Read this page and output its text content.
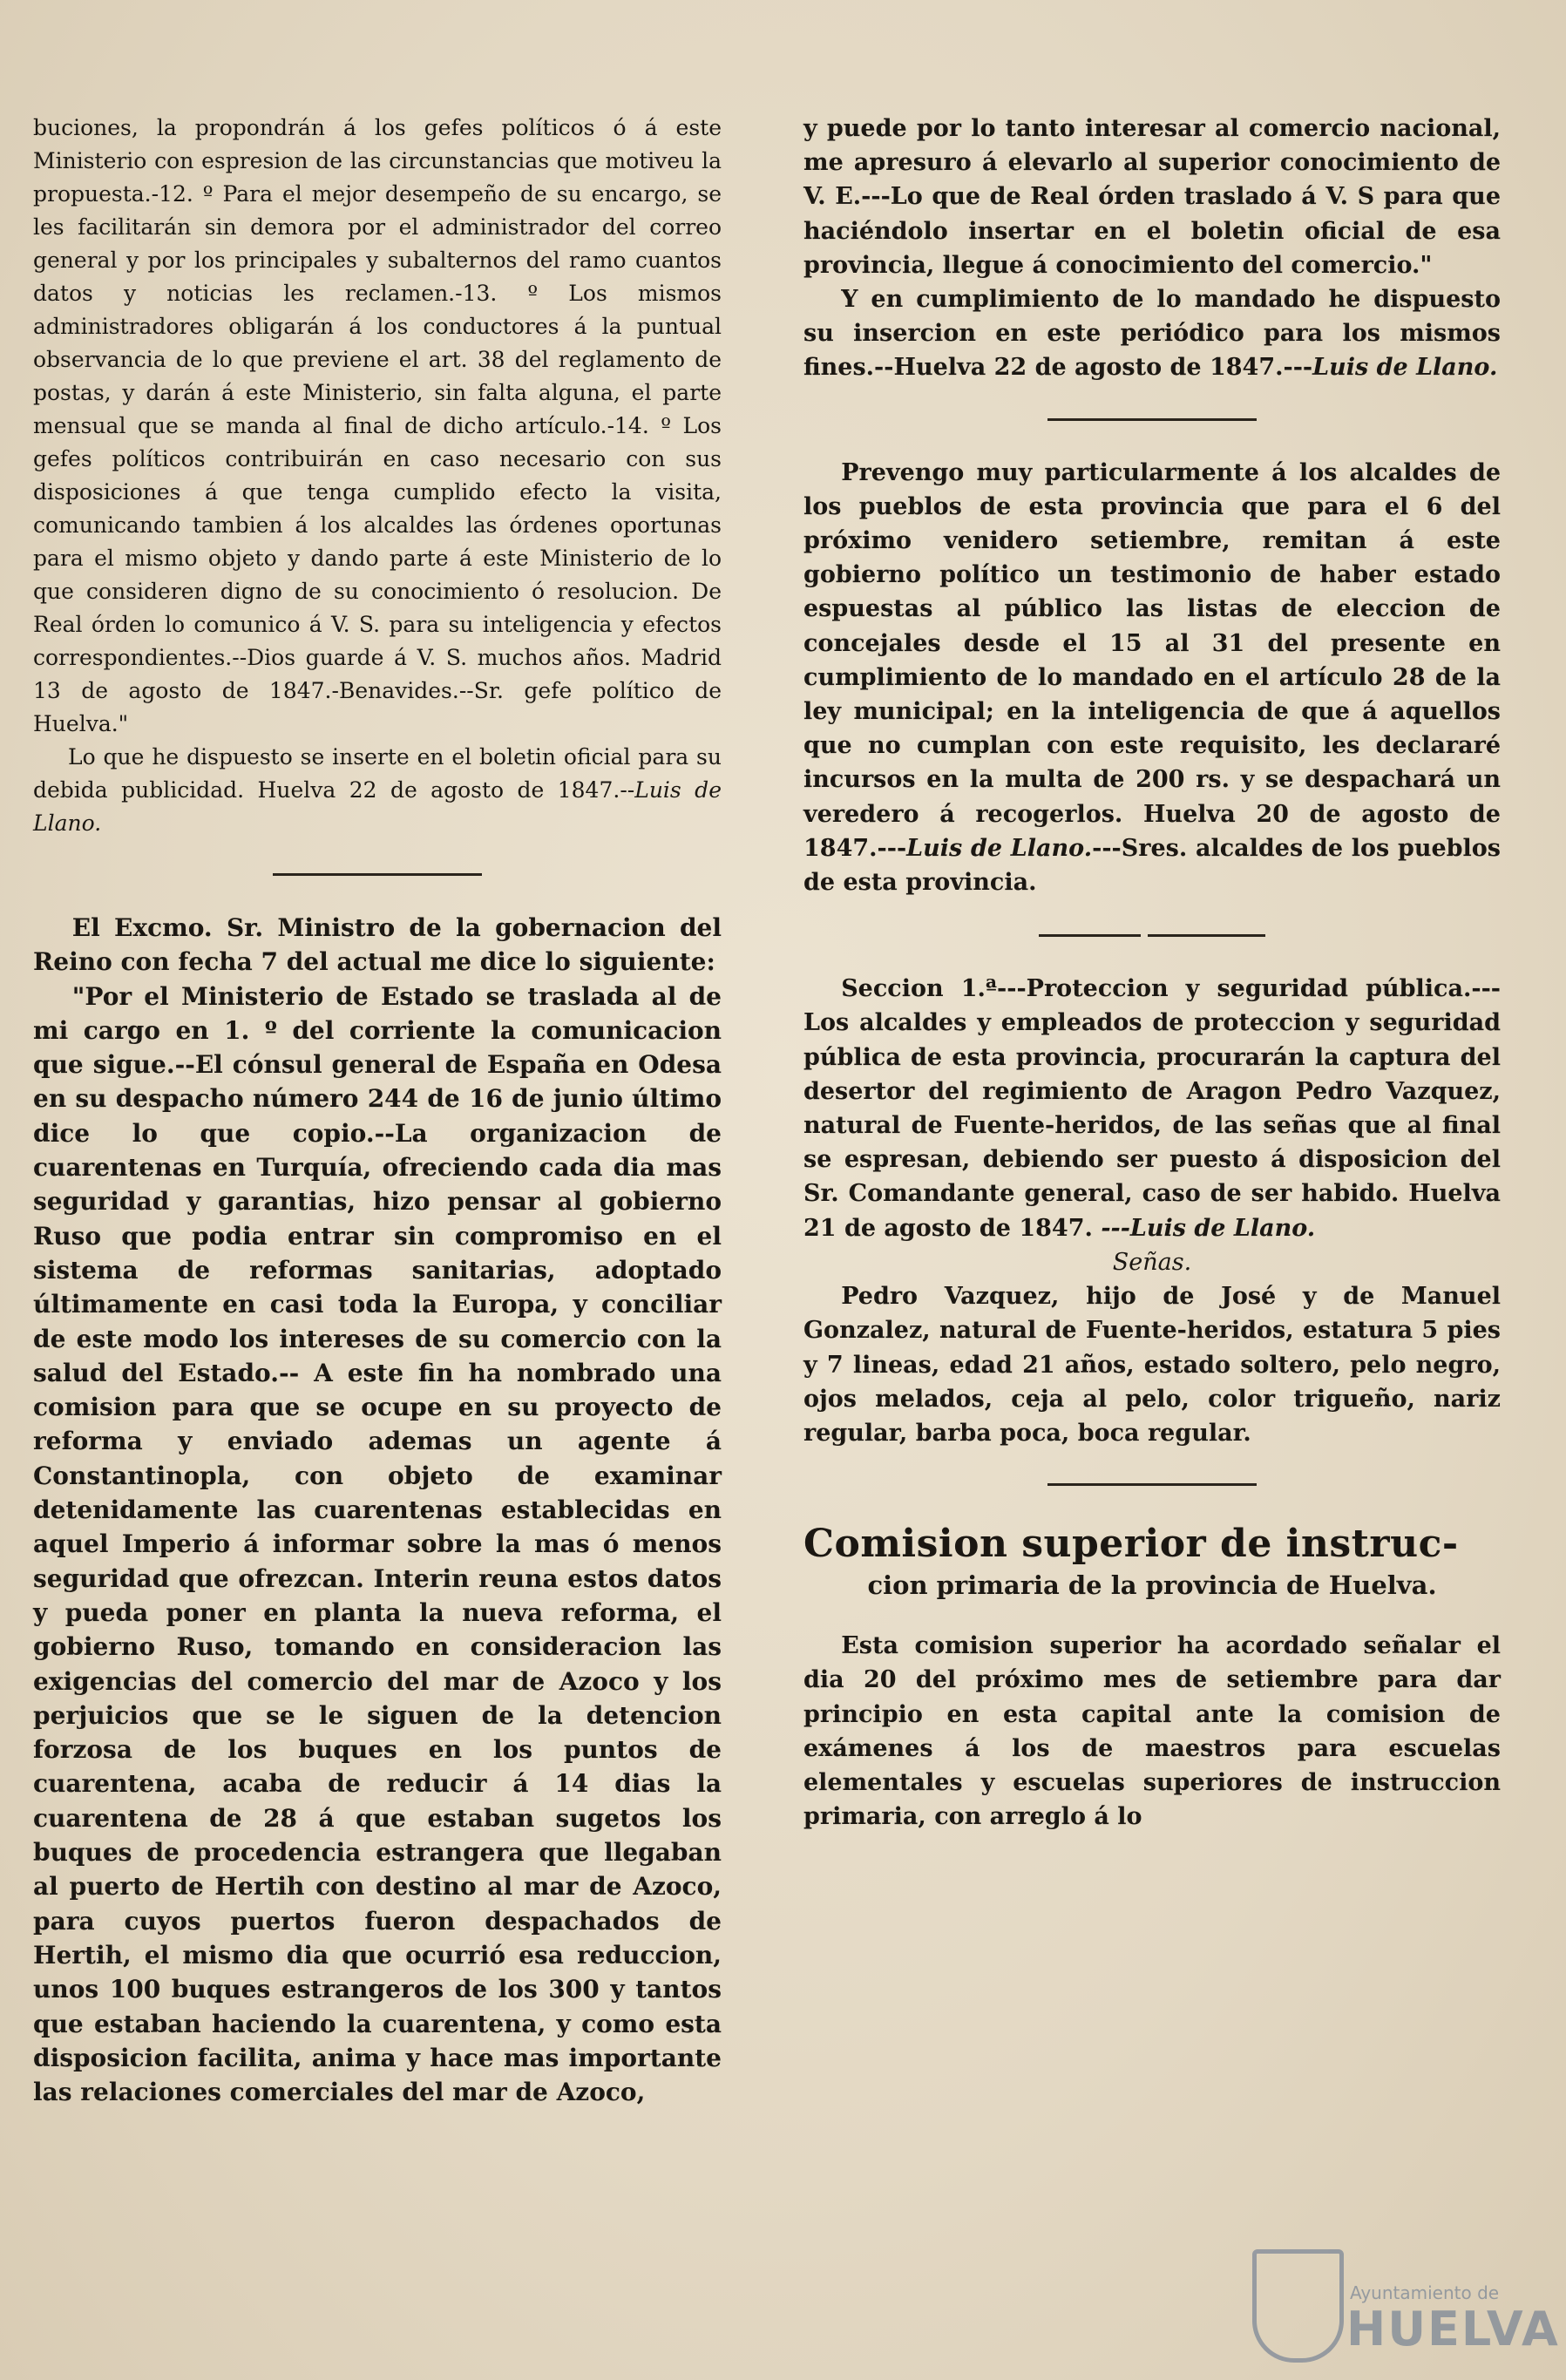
buciones, la propondrán á los gefes políticos ó á este Ministerio con espresion de las circunstancias que motiveu la propuesta.-12. º Para el mejor desempeño de su encargo, se les facilitarán sin demora por el administrador del correo general y por los principales y subalternos del ramo cuantos datos y noticias les reclamen.-13. º Los mismos administradores obligarán á los conductores á la puntual observancia de lo que previene el art. 38 del reglamento de postas, y darán á este Ministerio, sin falta alguna, el parte mensual que se manda al final de dicho artículo.-14. º Los gefes políticos contribuirán en caso necesario con sus disposiciones á que tenga cumplido efecto la visita, comunicando tambien á los alcaldes las órdenes oportunas para el mismo objeto y dando parte á este Ministerio de lo que consideren digno de su conocimiento ó resolucion. De Real órden lo comunico á V. S. para su inteligencia y efectos correspondientes.--Dios guarde á V. S. muchos años. Madrid 13 de agosto de 1847.-Benavides.--Sr. gefe político de Huelva."

Lo que he dispuesto se inserte en el boletin oficial para su debida publicidad. Huelva 22 de agosto de 1847.--Luis de Llano.

El Excmo. Sr. Ministro de la gobernacion del Reino con fecha 7 del actual me dice lo siguiente:

"Por el Ministerio de Estado se traslada al de mi cargo en 1. º del corriente la comunicacion que sigue.--El cónsul general de España en Odesa en su despacho número 244 de 16 de junio último dice lo que copio.--La organizacion de cuarentenas en Turquía, ofreciendo cada dia mas seguridad y garantias, hizo pensar al gobierno Ruso que podia entrar sin compromiso en el sistema de reformas sanitarias, adoptado últimamente en casi toda la Europa, y conciliar de este modo los intereses de su comercio con la salud del Estado.-- A este fin ha nombrado una comision para que se ocupe en su proyecto de reforma y enviado ademas un agente á Constantinopla, con objeto de examinar detenidamente las cuarentenas establecidas en aquel Imperio á informar sobre la mas ó menos seguridad que ofrezcan. Interin reuna estos datos y pueda poner en planta la nueva reforma, el gobierno Ruso, tomando en consideracion las exigencias del comercio del mar de Azoco y los perjuicios que se le siguen de la detencion forzosa de los buques en los puntos de cuarentena, acaba de reducir á 14 dias la cuarentena de 28 á que estaban sugetos los buques de procedencia estrangera que llegaban al puerto de Hertih con destino al mar de Azoco, para cuyos puertos fueron despachados de Hertih, el mismo dia que ocurrió esa reduccion, unos 100 buques estrangeros de los 300 y tantos que estaban haciendo la cuarentena, y como esta disposicion facilita, anima y hace mas importante las relaciones comerciales del mar de Azoco,

y puede por lo tanto interesar al comercio nacional, me apresuro á elevarlo al superior conocimiento de V. E.---Lo que de Real órden traslado á V. S para que haciéndolo insertar en el boletin oficial de esa provincia, llegue á conocimiento del comercio."

Y en cumplimiento de lo mandado he dispuesto su insercion en este periódico para los mismos fines.--Huelva 22 de agosto de 1847.---Luis de Llano.

Prevengo muy particularmente á los alcaldes de los pueblos de esta provincia que para el 6 del próximo venidero setiembre, remitan á este gobierno político un testimonio de haber estado espuestas al público las listas de eleccion de concejales desde el 15 al 31 del presente en cumplimiento de lo mandado en el artículo 28 de la ley municipal; en la inteligencia de que á aquellos que no cumplan con este requisito, les declararé incursos en la multa de 200 rs. y se despachará un veredero á recogerlos. Huelva 20 de agosto de 1847.---Luis de Llano.---Sres. alcaldes de los pueblos de esta provincia.

Seccion 1.ª---Proteccion y seguridad pública.---Los alcaldes y empleados de proteccion y seguridad pública de esta provincia, procurarán la captura del desertor del regimiento de Aragon Pedro Vazquez, natural de Fuente-heridos, de las señas que al final se espresan, debiendo ser puesto á disposicion del Sr. Comandante general, caso de ser habido. Huelva 21 de agosto de 1847. ---Luis de Llano.

Señas.

Pedro Vazquez, hijo de José y de Manuel Gonzalez, natural de Fuente-heridos, estatura 5 pies y 7 lineas, edad 21 años, estado soltero, pelo negro, ojos melados, ceja al pelo, color trigueño, nariz regular, barba poca, boca regular.

Comision superior de instruc-
cion primaria de la provincia de Huelva.

Esta comision superior ha acordado señalar el dia 20 del próximo mes de setiembre para dar principio en esta capital ante la comision de exámenes á los de maestros para escuelas elementales y escuelas superiores de instruccion primaria, con arreglo á lo

Ayuntamiento de
HUELVA
